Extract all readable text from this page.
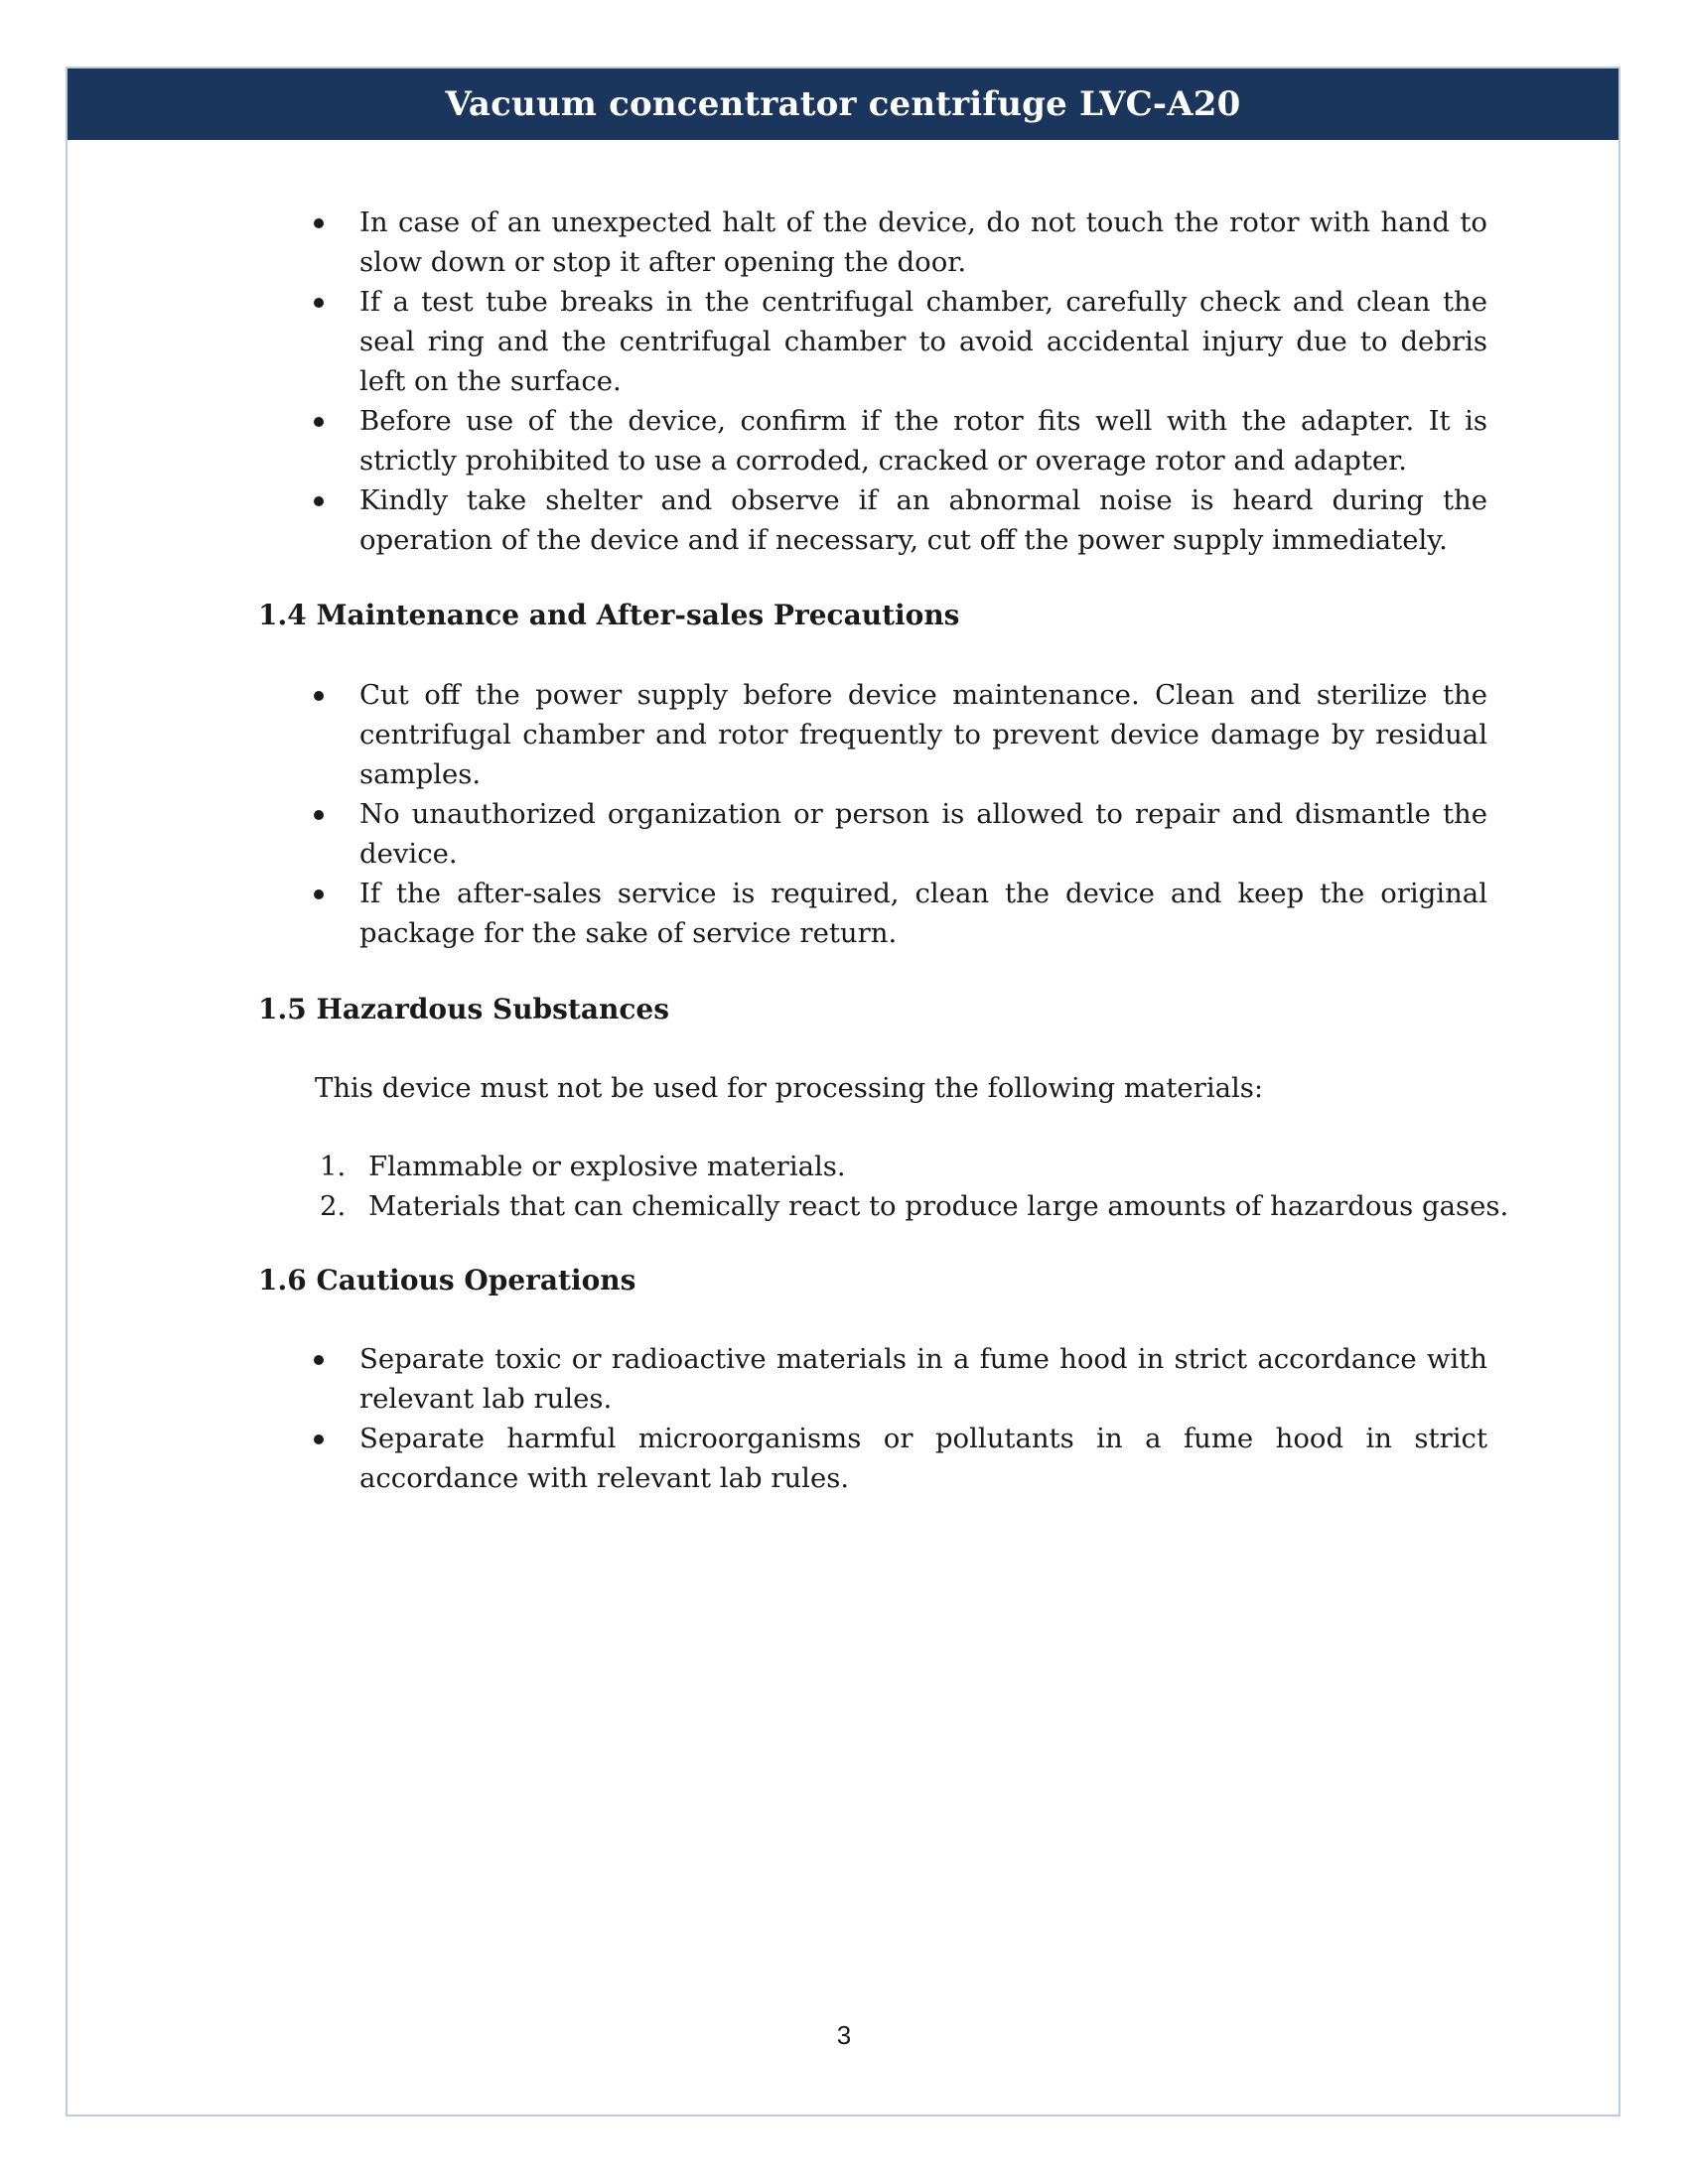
Vacuum concentrator centrifuge LVC-A20
In case of an unexpected halt of the device, do not touch the rotor with hand to slow down or stop it after opening the door.
If a test tube breaks in the centrifugal chamber, carefully check and clean the seal ring and the centrifugal chamber to avoid accidental injury due to debris left on the surface.
Before use of the device, confirm if the rotor fits well with the adapter. It is strictly prohibited to use a corroded, cracked or overage rotor and adapter.
Kindly take shelter and observe if an abnormal noise is heard during the operation of the device and if necessary, cut off the power supply immediately.
1.4 Maintenance and After-sales Precautions
Cut off the power supply before device maintenance. Clean and sterilize the centrifugal chamber and rotor frequently to prevent device damage by residual samples.
No unauthorized organization or person is allowed to repair and dismantle the device.
If the after-sales service is required, clean the device and keep the original package for the sake of service return.
1.5 Hazardous Substances

This device must not be used for processing the following materials:

1. Flammable or explosive materials.
2. Materials that can chemically react to produce large amounts of hazardous gases.
1.6 Cautious Operations
Separate toxic or radioactive materials in a fume hood in strict accordance with relevant lab rules.
Separate harmful microorganisms or pollutants in a fume hood in strict accordance with relevant lab rules.
3
